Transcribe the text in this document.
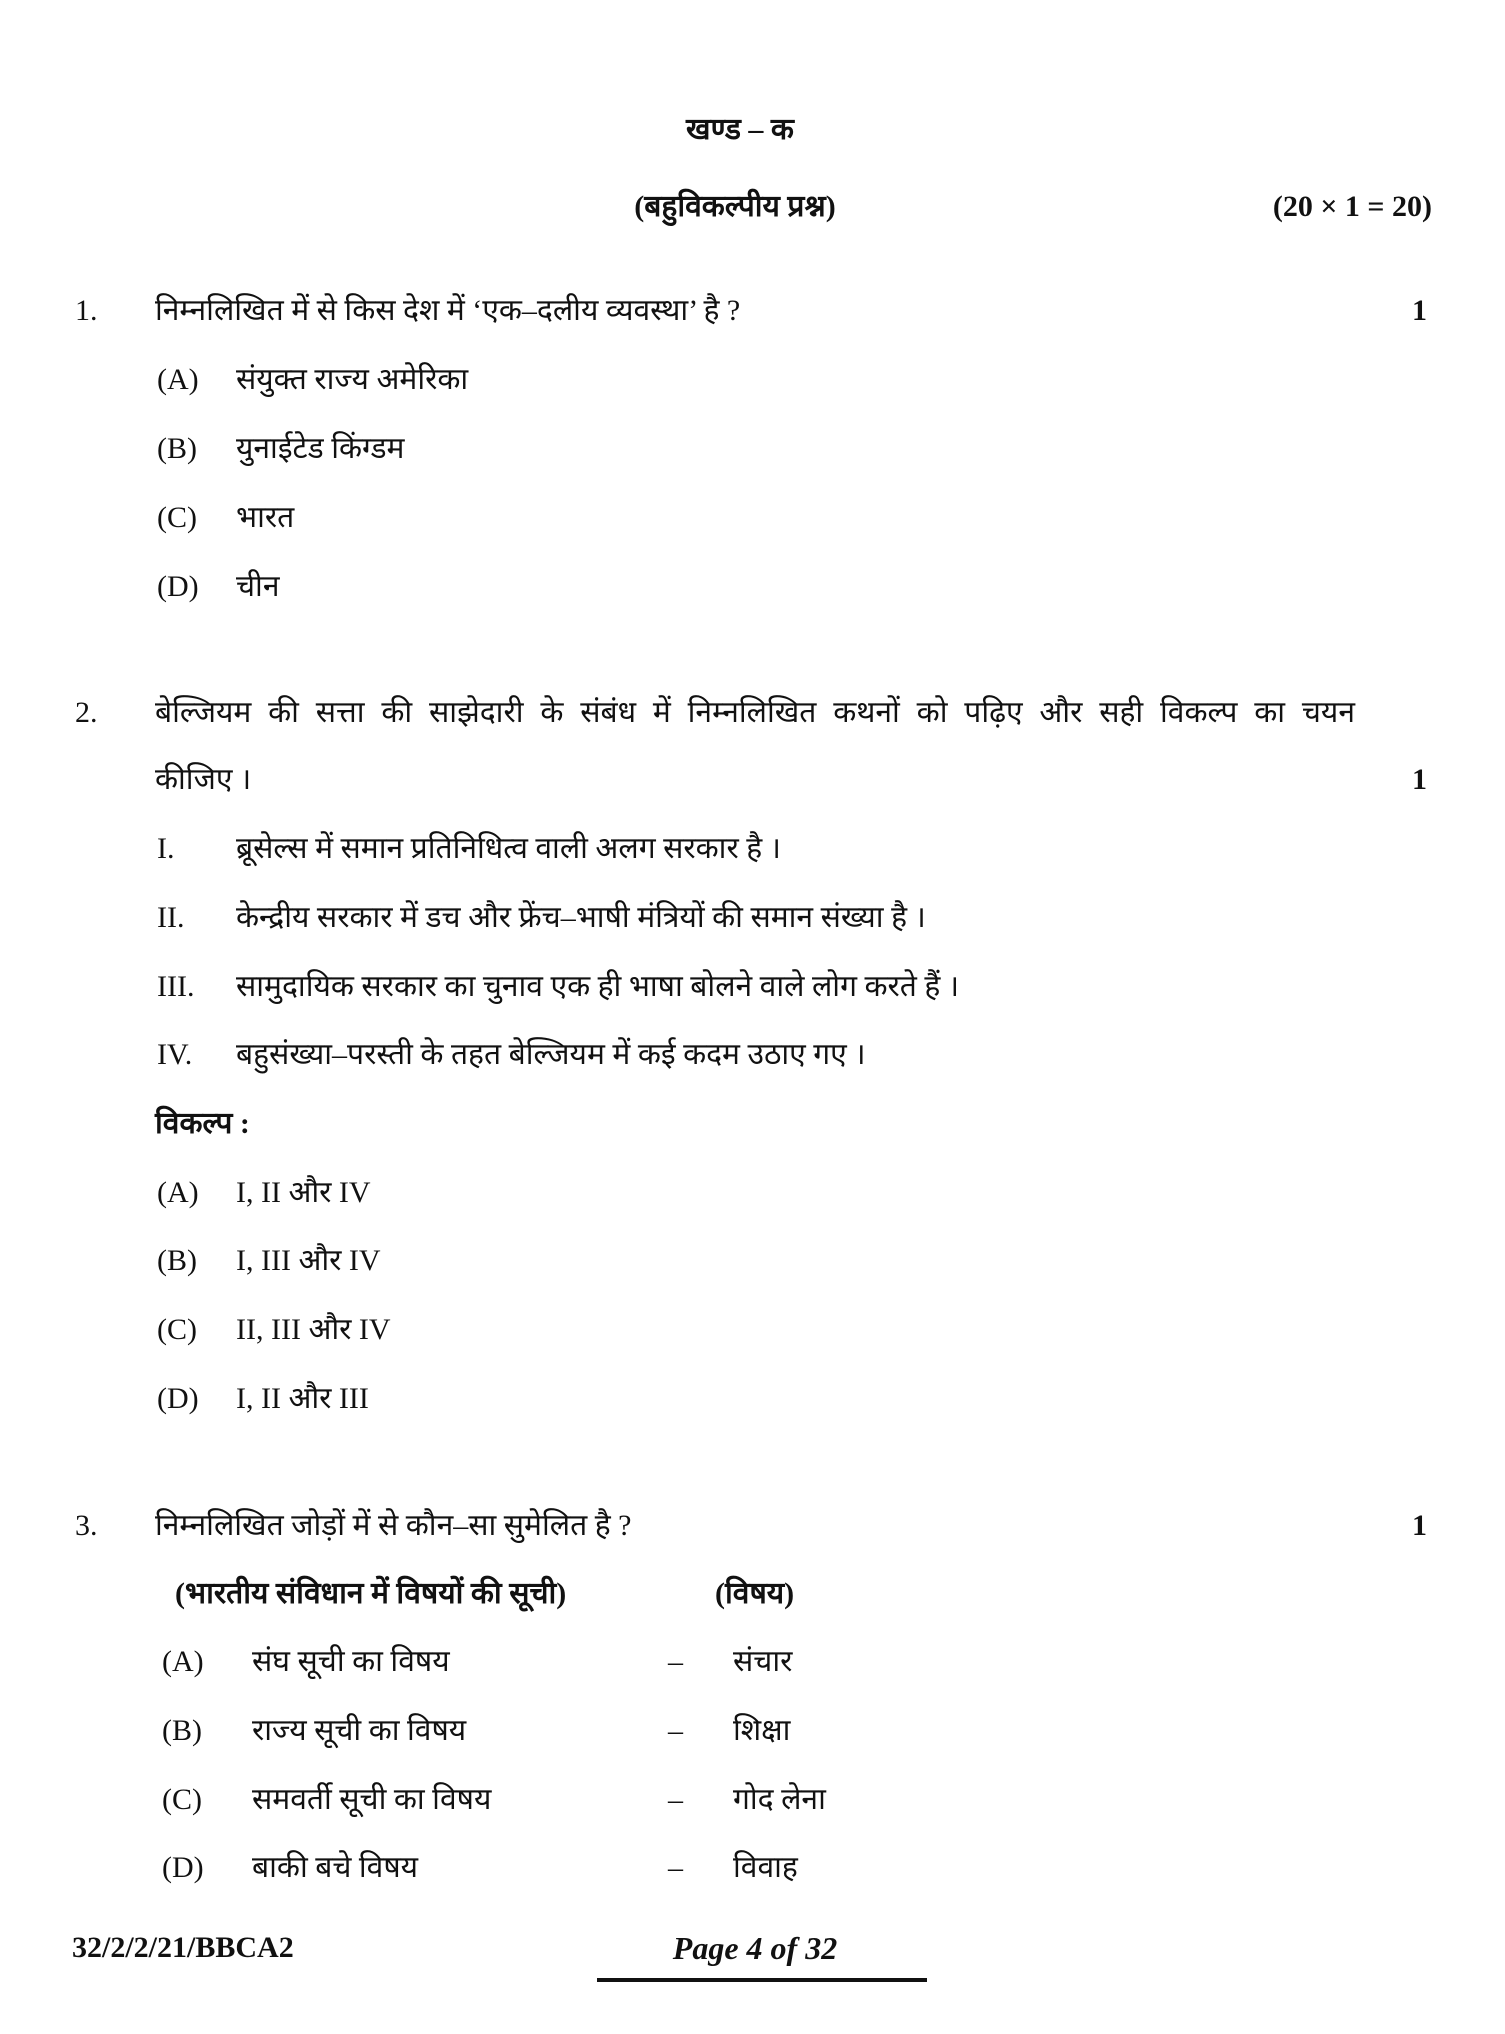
खण्ड – क
(बहुविकल्पीय प्रश्न)	(20 × 1 = 20)
1. निम्नलिखित में से किस देश में ‘एक–दलीय व्यवस्था’ है ?	1
(A) संयुक्त राज्य अमेरिका
(B) युनाईटेड किंग्डम
(C) भारत
(D) चीन
2. बेल्जियम की सत्ता की साझेदारी के संबंध में निम्नलिखित कथनों को पढ़िए और सही विकल्प का चयन
कीजिए ।	1
I. ब्रूसेल्स में समान प्रतिनिधित्व वाली अलग सरकार है ।
II. केन्द्रीय सरकार में डच और फ्रेंच–भाषी मंत्रियों की समान संख्या है ।
III. सामुदायिक सरकार का चुनाव एक ही भाषा बोलने वाले लोग करते हैं ।
IV. बहुसंख्या–परस्ती के तहत बेल्जियम में कई कदम उठाए गए ।
विकल्प :
(A) I, II और IV
(B) I, III और IV
(C) II, III और IV
(D) I, II और III
3. निम्नलिखित जोड़ों में से कौन–सा सुमेलित है ?	1
(भारतीय संविधान में विषयों की सूची)	(विषय)
(A) संघ सूची का विषय	– संचार
(B) राज्य सूची का विषय	– शिक्षा
(C) समवर्ती सूची का विषय	– गोद लेना
(D) बाकी बचे विषय	– विवाह
32/2/2/21/BBCA2	Page 4 of 32
